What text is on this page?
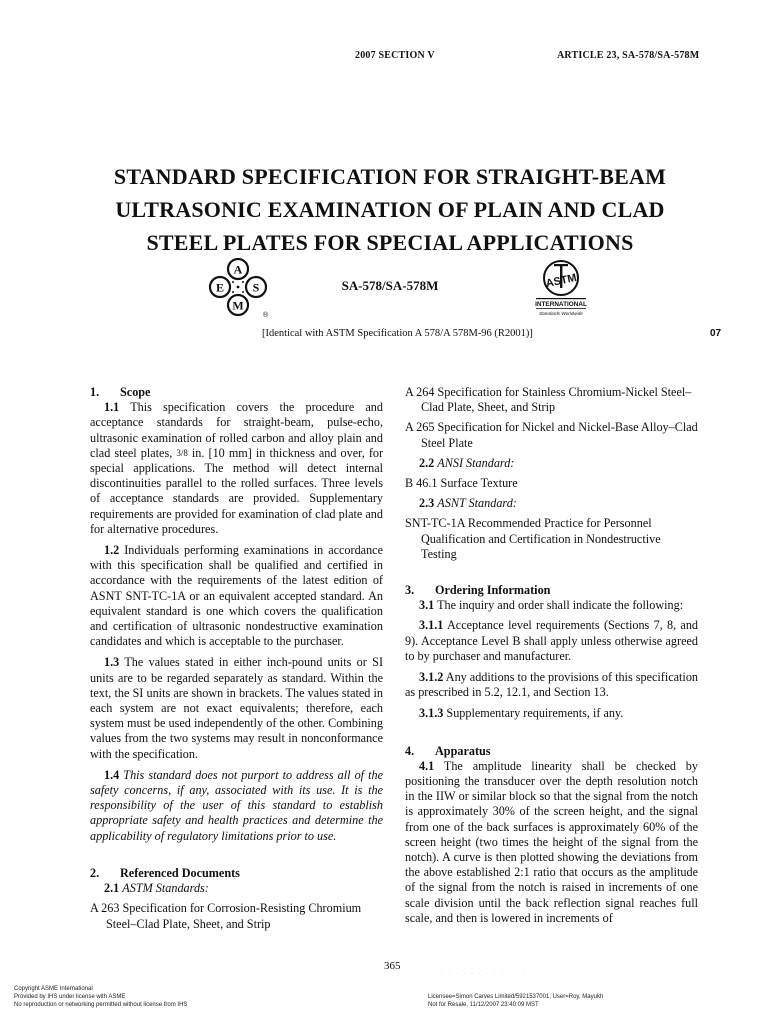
2007 SECTION V	ARTICLE 23, SA-578/SA-578M
STANDARD SPECIFICATION FOR STRAIGHT-BEAM
ULTRASONIC EXAMINATION OF PLAIN AND CLAD
STEEL PLATES FOR SPECIAL APPLICATIONS
A
S
M
E
®
SA-578/SA-578M	ASTM
INTERNATIONAL
Standards Worldwide
[Identical with ASTM Specification A 578/A 578M-96 (R2001)]	07

1. Scope

1.1 This specification covers the procedure and acceptance standards for straight-beam, pulse-echo, ultrasonic examination of rolled carbon and alloy plain and clad steel plates, 3/8 in. [10 mm] in thickness and over, for special applications. The method will detect internal discontinuities parallel to the rolled surfaces. Three levels of acceptance standards are provided. Supplementary requirements are provided for examination of clad plate and for alternative procedures.

1.2 Individuals performing examinations in accordance with this specification shall be qualified and certified in accordance with the requirements of the latest edition of ASNT SNT-TC-1A or an equivalent accepted standard. An equivalent standard is one which covers the qualification and certification of ultrasonic nondestructive examination candidates and which is acceptable to the purchaser.

1.3 The values stated in either inch-pound units or SI units are to be regarded separately as standard. Within the text, the SI units are shown in brackets. The values stated in each system are not exact equivalents; therefore, each system must be used independently of the other. Combining values from the two systems may result in nonconformance with the specification.

1.4 This standard does not purport to address all of the safety concerns, if any, associated with its use. It is the responsibility of the user of this standard to establish appropriate safety and health practices and determine the applicability of regulatory limitations prior to use.

2. Referenced Documents

2.1 ASTM Standards:

A 263 Specification for Corrosion-Resisting Chromium Steel–Clad Plate, Sheet, and Strip

A 264 Specification for Stainless Chromium-Nickel Steel–Clad Plate, Sheet, and Strip

A 265 Specification for Nickel and Nickel-Base Alloy–Clad Steel Plate

2.2 ANSI Standard:

B 46.1 Surface Texture

2.3 ASNT Standard:

SNT-TC-1A Recommended Practice for Personnel Qualification and Certification in Nondestructive Testing

3. Ordering Information

3.1 The inquiry and order shall indicate the following:

3.1.1 Acceptance level requirements (Sections 7, 8, and 9). Acceptance Level B shall apply unless otherwise agreed to by purchaser and manufacturer.

3.1.2 Any additions to the provisions of this specification as prescribed in 5.2, 12.1, and Section 13.

3.1.3 Supplementary requirements, if any.

4. Apparatus

4.1 The amplitude linearity shall be checked by positioning the transducer over the depth resolution notch in the IIW or similar block so that the signal from the notch is approximately 30% of the screen height, and the signal from one of the back surfaces is approximately 60% of the screen height (two times the height of the signal from the notch). A curve is then plotted showing the deviations from the above established 2:1 ratio that occurs as the amplitude of the signal from the notch is raised in increments of one scale division until the back reflection signal reaches full scale, and then is lowered in increments of

365
· · · · · · · · · · · · · ·
Copyright ASME International
Provided by IHS under license with ASME
No reproduction or networking permitted without license from IHS
Licensee=Simon Carves Limited/5921537001, User=Roy, Mayukh
Not for Resale, 11/12/2007 23:40:09 MST
